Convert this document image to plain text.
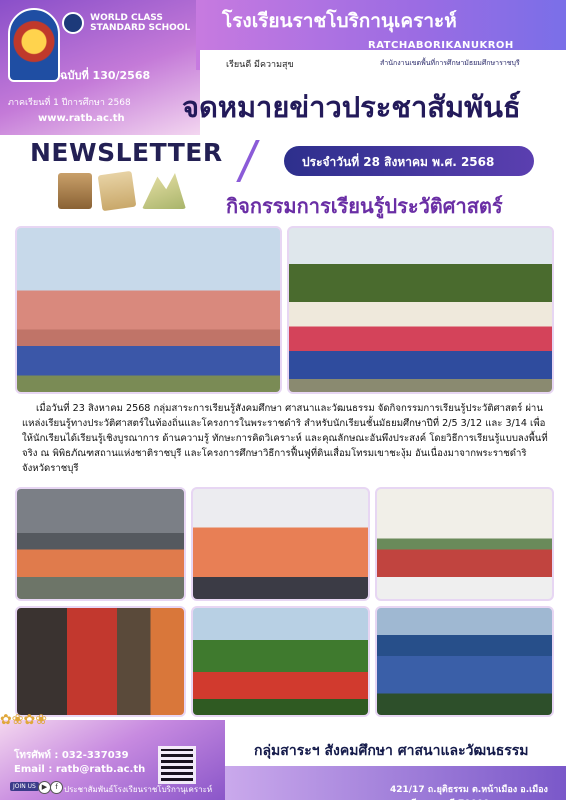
WORLD CLASS
STANDARD SCHOOL
ฉบับที่ 130/2568
ภาคเรียนที่ 1 ปีการศึกษา 2568
www.ratb.ac.th
โรงเรียนราชโบริกานุเคราะห์
RATCHABORIKANUKROH SCHOOL
เรียนดี มีความสุข	สำนักงานเขตพื้นที่การศึกษามัธยมศึกษาราชบุรี
จดหมายข่าวประชาสัมพันธ์
NEWSLETTER	ประจำวันที่ 28 สิงหาคม พ.ศ. 2568
กิจกรรมการเรียนรู้ประวัติศาสตร์
เมื่อวันที่ 23 สิงหาคม 2568 กลุ่มสาระการเรียนรู้สังคมศึกษา ศาสนาและวัฒนธรรม จัดกิจกรรมการเรียนรู้ประวัติศาสตร์ ผ่านแหล่งเรียนรู้ทางประวัติศาสตร์ในท้องถิ่นและโครงการในพระราชดำริ สำหรับนักเรียนชั้นมัธยมศึกษาปีที่ 2/5 3/12 และ 3/14 เพื่อให้นักเรียนได้เรียนรู้เชิงบูรณาการ ด้านความรู้ ทักษะการคิดวิเคราะห์ และคุณลักษณะอันพึงประสงค์ โดยวิธีการเรียนรู้แบบลงพื้นที่จริง ณ พิพิธภัณฑสถานแห่งชาติราชบุรี และโครงการศึกษาวิธีการฟื้นฟูที่ดินเสื่อมโทรมเขาชะงุ้ม อันเนื่องมาจากพระราชดำริ จังหวัดราชบุรี
กลุ่มสาระฯ สังคมศึกษา ศาสนาและวัฒนธรรม
✿❀✿❀
โทรศัพท์ : 032-337039
Email : ratb@ratb.ac.th
JOIN US ▶	f ประชาสัมพันธ์โรงเรียนราชโบริกานุเคราะห์	421/17 ถ.ยุติธรรม ต.หน้าเมือง อ.เมืองราชบุรี จ.ราชบุรี 70000
